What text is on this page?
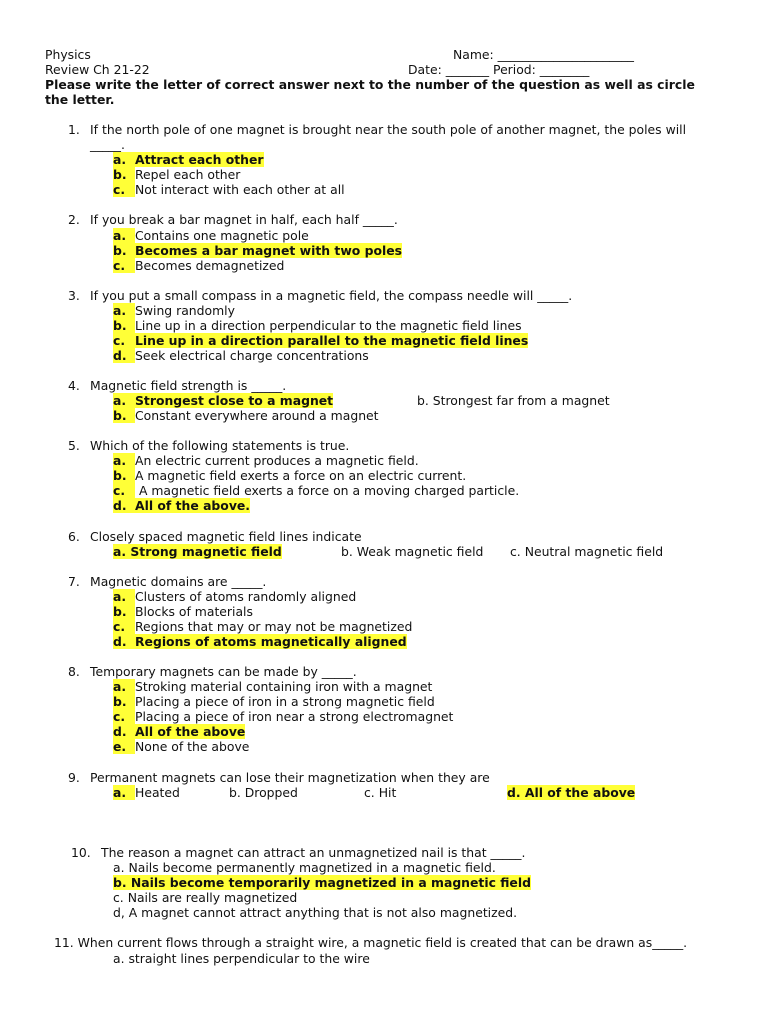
Physics
Review Ch 21-22
Name: ______________________
Date: _______ Period: ________
Please write the letter of correct answer next to the number of the question as well as circle
the letter.
1. If the north pole of one magnet is brought near the south pole of another magnet, the poles will
_____.
a. Attract each other
b. Repel each other
c. Not interact with each other at all
2. If you break a bar magnet in half, each half _____.
a. Contains one magnetic pole
b. Becomes a bar magnet with two poles
c. Becomes demagnetized
3. If you put a small compass in a magnetic field, the compass needle will _____.
a. Swing randomly
b. Line up in a direction perpendicular to the magnetic field lines
c. Line up in a direction parallel to the magnetic field lines
d. Seek electrical charge concentrations
4. Magnetic field strength is _____.
a. Strongest close to a magnet	b. Strongest far from a magnet
b. Constant everywhere around a magnet
5. Which of the following statements is true.
a. An electric current produces a magnetic field.
b. A magnetic field exerts a force on an electric current.
c. A magnetic field exerts a force on a moving charged particle.
d. All of the above.
6. Closely spaced magnetic field lines indicate
a. Strong magnetic field	b. Weak magnetic field c. Neutral magnetic field
7. Magnetic domains are _____.
a. Clusters of atoms randomly aligned
b. Blocks of materials
c. Regions that may or may not be magnetized
d. Regions of atoms magnetically aligned
8. Temporary magnets can be made by _____.
a. Stroking material containing iron with a magnet
b. Placing a piece of iron in a strong magnetic field
c. Placing a piece of iron near a strong electromagnet
d. All of the above
e. None of the above
9. Permanent magnets can lose their magnetization when they are
a. Heated	b. Dropped	c. Hit	d. All of the above
10. The reason a magnet can attract an unmagnetized nail is that _____.
a. Nails become permanently magnetized in a magnetic field.
b. Nails become temporarily magnetized in a magnetic field
c. Nails are really magnetized
d, A magnet cannot attract anything that is not also magnetized.
11. When current flows through a straight wire, a magnetic field is created that can be drawn as_____.
a. straight lines perpendicular to the wire
